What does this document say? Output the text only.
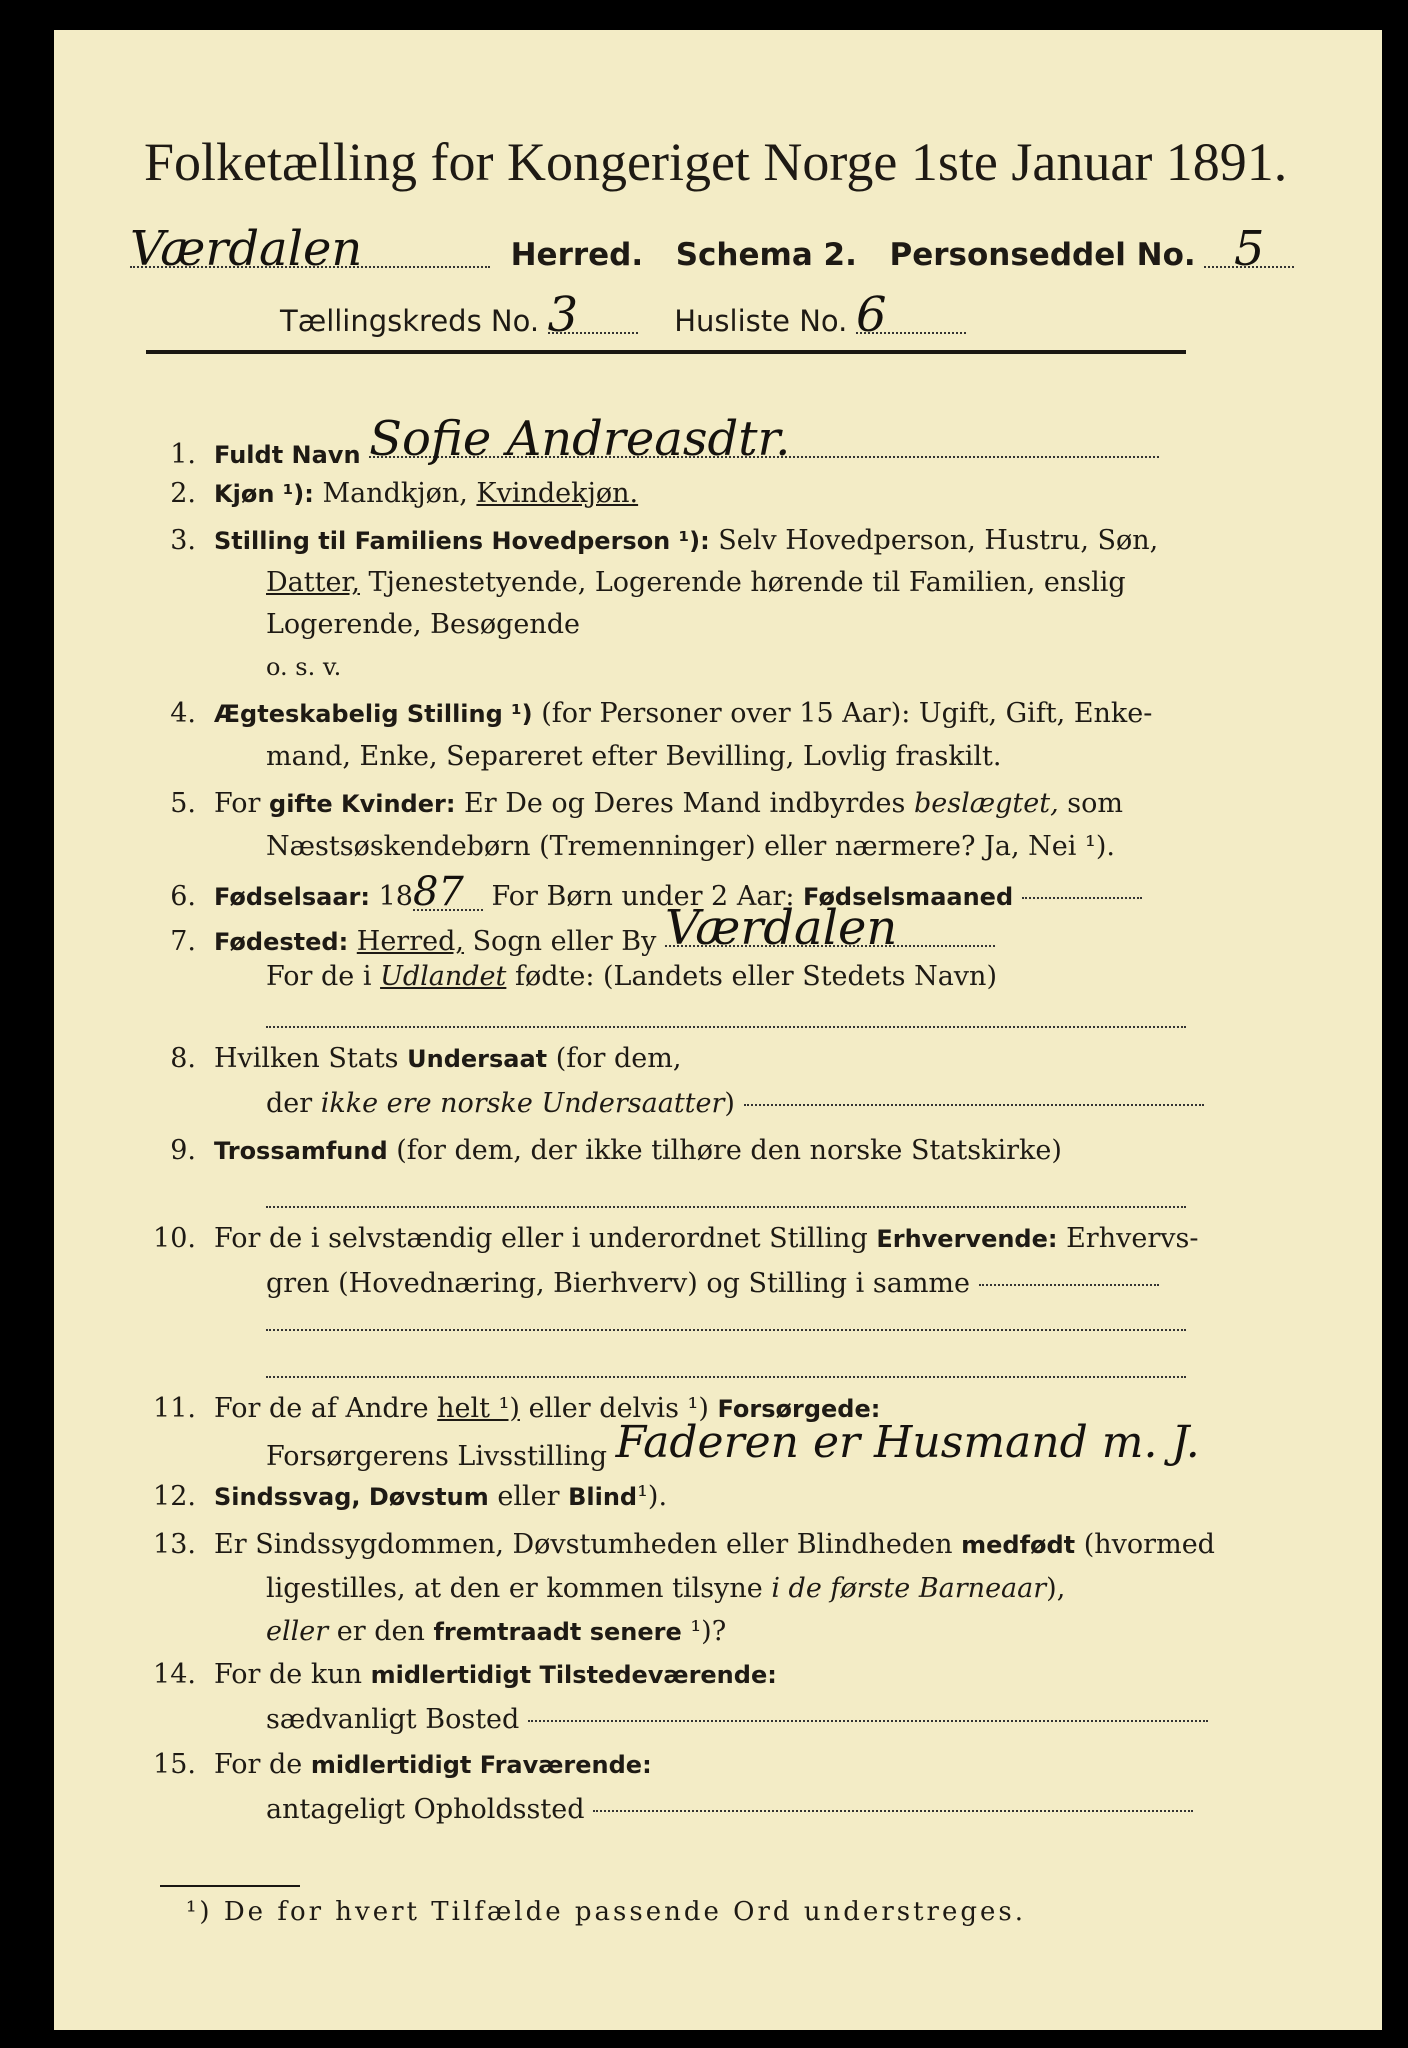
Folketælling for Kongeriget Norge 1ste Januar 1891.
Værdalen	Herred. Schema 2. Personseddel No. 5
Tællingskreds No. 3	Husliste No. 6
1. Fuldt Navn Sofie Andreasdtr.
2. Kjøn ¹): Mandkjøn, Kvindekjøn.
3. Stilling til Familiens Hovedperson ¹): Selv Hovedperson, Hustru, Søn,
Datter, Tjenestetyende, Logerende hørende til Familien, enslig
Logerende, Besøgende
o. s. v.
4. Ægteskabelig Stilling ¹) (for Personer over 15 Aar): Ugift, Gift, Enke-
mand, Enke, Separeret efter Bevilling, Lovlig fraskilt.
5. For gifte Kvinder: Er De og Deres Mand indbyrdes beslægtet, som
Næstsøskendebørn (Tremenninger) eller nærmere? Ja, Nei ¹).
6. Fødselsaar: 1887 For Børn under 2 Aar: Fødselsmaaned
7. Fødested: Herred, Sogn eller By Værdalen
For de i Udlandet fødte: (Landets eller Stedets Navn)
8. Hvilken Stats Undersaat (for dem,
der ikke ere norske Undersaatter)
9. Trossamfund (for dem, der ikke tilhøre den norske Statskirke)
10. For de i selvstændig eller i underordnet Stilling Erhvervende: Erhvervs-
gren (Hovednæring, Bierhverv) og Stilling i samme
11. For de af Andre helt ¹) eller delvis ¹) Forsørgede:
Forsørgerens Livsstilling Faderen er Husmand m. J.
12. Sindssvag, Døvstum eller Blind¹).
13. Er Sindssygdommen, Døvstumheden eller Blindheden medfødt (hvormed
ligestilles, at den er kommen tilsyne i de første Barneaar),
eller er den fremtraadt senere ¹)?
14. For de kun midlertidigt Tilstedeværende:
sædvanligt Bosted
15. For de midlertidigt Fraværende:
antageligt Opholdssted
¹) De for hvert Tilfælde passende Ord understreges.
